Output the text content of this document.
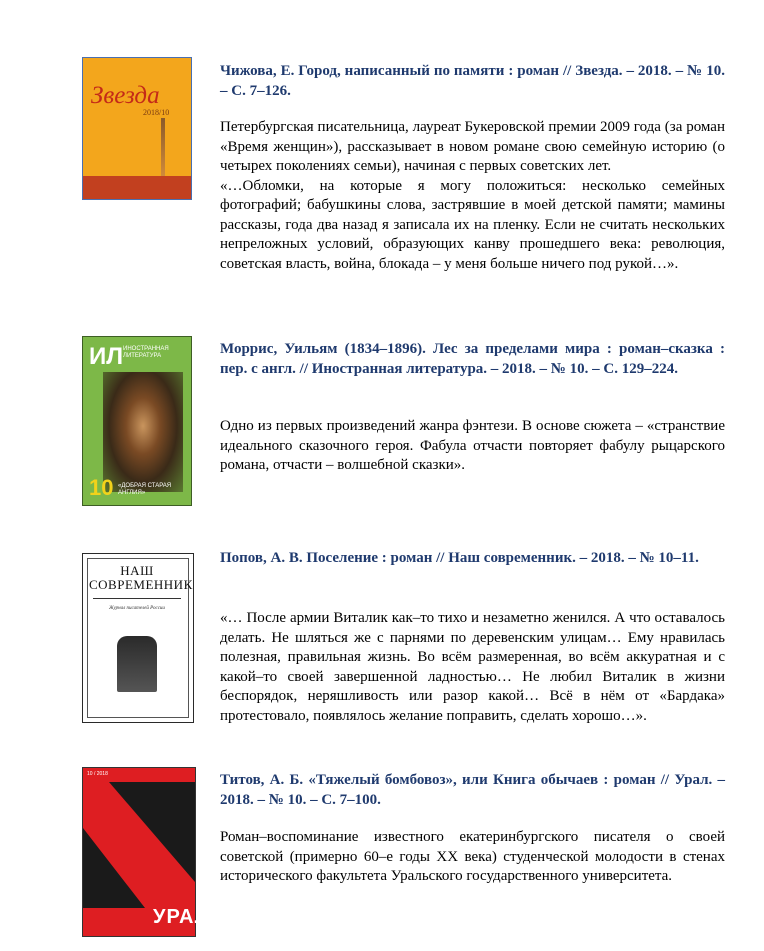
Звезда
2018/10
Чижова, Е. Город, написанный по памяти : роман // Звезда. – 2018. – № 10. – С. 7–126.

Петербургская писательница, лауреат Букеровской премии 2009 года (за роман «Время женщин»), рассказывает в новом романе свою семейную историю (о четырех поколениях семьи), начиная с первых советских лет.

«…Обломки, на которые я могу положиться: несколько семейных фотографий; бабушкины слова, застрявшие в моей детской памяти; мамины рассказы, года два назад я записала их на пленку. Если не считать нескольких непреложных условий, образующих канву прошедшего века: революция, советская власть, война, блокада – у меня больше ничего под рукой…».

ИЛ ИНОСТРАННАЯ ЛИТЕРАТУРА
10 «ДОБРАЯ СТАРАЯ АНГЛИЯ»
Моррис, Уильям (1834–1896). Лес за пределами мира : роман–сказка : пер. с англ. // Иностранная литература. – 2018. – № 10. – С. 129–224.

Одно из первых произведений жанра фэнтези. В основе сюжета – «странствие идеального сказочного героя. Фабула отчасти повторяет фабулу рыцарского романа, отчасти – волшебной сказки».

НАШ
СОВРЕМЕННИК
Журнал писателей России
Попов, А. В. Поселение : роман // Наш современник. – 2018. – № 10–11.

«… После армии Виталик как–то тихо и незаметно женился. А что оставалось делать. Не шляться же с парнями по деревенским улицам… Ему нравилась полезная, правильная жизнь. Во всём размеренная, во всём аккуратная и с какой–то своей завершенной ладностью… Не любил Виталик в жизни беспорядок, неряшливость или разор какой… Всё в нём от «Бардака» протестовало, появлялось желание поправить, сделать хорошо…».

10 / 2018
УРАЛ
Титов, А. Б. «Тяжелый бомбовоз», или Книга обычаев : роман // Урал. – 2018. – № 10. – С. 7–100.

Роман–воспоминание известного екатеринбургского писателя о своей советской (примерно 60–е годы XX века) студенческой молодости в стенах исторического факультета Уральского государственного университета.
